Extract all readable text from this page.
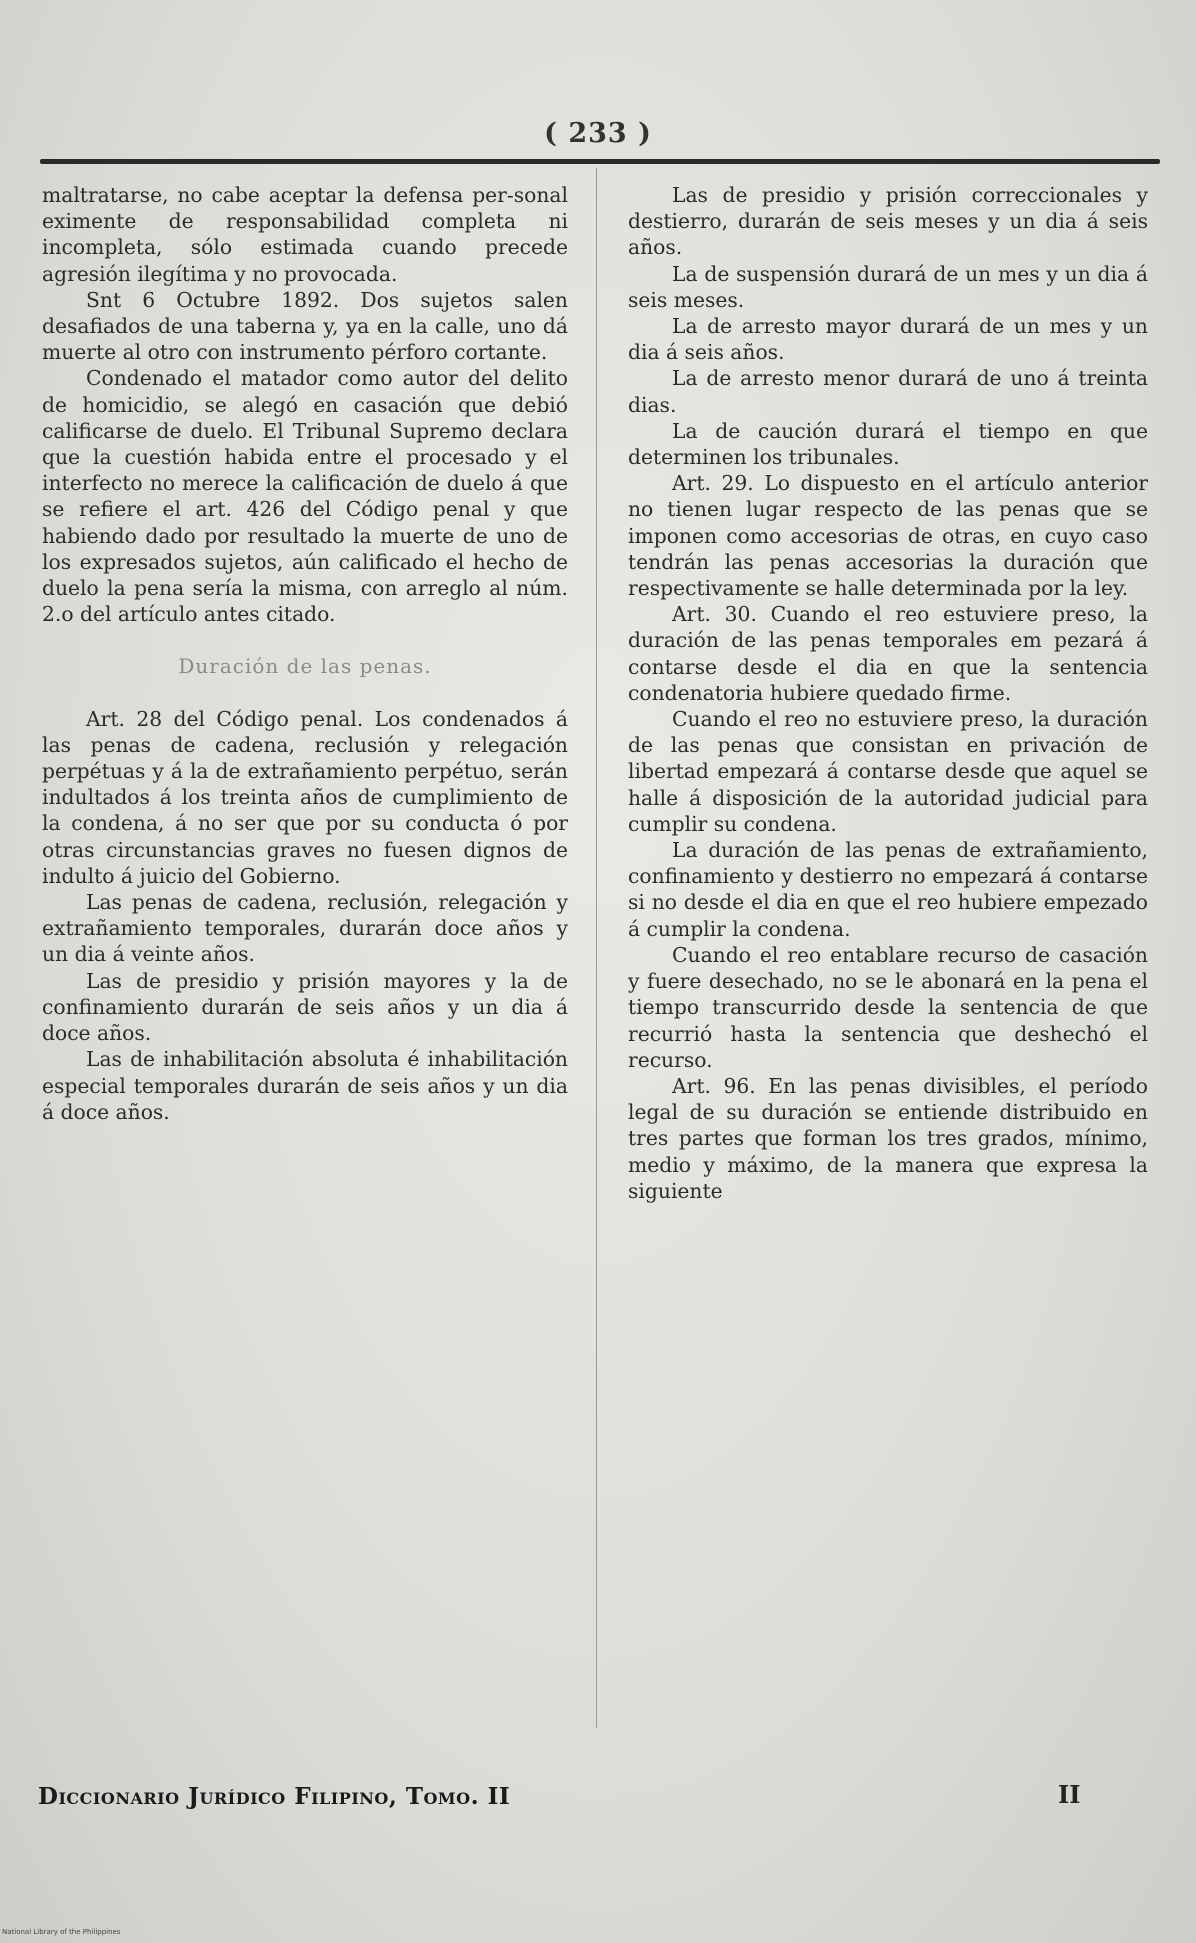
( 233 )

maltratarse, no cabe aceptar la defensa per-sonal eximente de responsabilidad completa ni incompleta, sólo estimada cuando precede agresión ilegítima y no provocada.

Snt 6 Octubre 1892. Dos sujetos salen desafiados de una taberna y, ya en la calle, uno dá muerte al otro con instrumento pérforo cortante.

Condenado el matador como autor del delito de homicidio, se alegó en casación que debió calificarse de duelo. El Tribunal Supremo declara que la cuestión habida entre el procesado y el interfecto no merece la calificación de duelo á que se refiere el art. 426 del Código penal y que habiendo dado por resultado la muerte de uno de los expresados sujetos, aún calificado el hecho de duelo la pena sería la misma, con arreglo al núm. 2.o del artículo antes citado.

Duración de las penas.

Art. 28 del Código penal. Los condenados á las penas de cadena, reclusión y relegación perpétuas y á la de extrañamiento perpétuo, serán indultados á los treinta años de cumplimiento de la condena, á no ser que por su conducta ó por otras circunstancias graves no fuesen dignos de indulto á juicio del Gobierno.

Las penas de cadena, reclusión, relegación y extrañamiento temporales, durarán doce años y un dia á veinte años.

Las de presidio y prisión mayores y la de confinamiento durarán de seis años y un dia á doce años.

Las de inhabilitación absoluta é inhabilitación especial temporales durarán de seis años y un dia á doce años.

Las de presidio y prisión correccionales y destierro, durarán de seis meses y un dia á seis años.

La de suspensión durará de un mes y un dia á seis meses.

La de arresto mayor durará de un mes y un dia á seis años.

La de arresto menor durará de uno á treinta dias.

La de caución durará el tiempo en que determinen los tribunales.

Art. 29. Lo dispuesto en el artículo anterior no tienen lugar respecto de las penas que se imponen como accesorias de otras, en cuyo caso tendrán las penas accesorias la duración que respectivamente se halle determinada por la ley.

Art. 30. Cuando el reo estuviere preso, la duración de las penas temporales em pezará á contarse desde el dia en que la sentencia condenatoria hubiere quedado firme.

Cuando el reo no estuviere preso, la duración de las penas que consistan en privación de libertad empezará á contarse desde que aquel se halle á disposición de la autoridad judicial para cumplir su condena.

La duración de las penas de extrañamiento, confinamiento y destierro no empezará á contarse si no desde el dia en que el reo hubiere empezado á cumplir la condena.

Cuando el reo entablare recurso de casación y fuere desechado, no se le abonará en la pena el tiempo transcurrido desde la sentencia de que recurrió hasta la sentencia que deshechó el recurso.

Art. 96. En las penas divisibles, el período legal de su duración se entiende distribuido en tres partes que forman los tres grados, mínimo, medio y máximo, de la manera que expresa la siguiente

Diccionario Jurídico Filipino, Tomo. II	II
National Library of the Philippines
